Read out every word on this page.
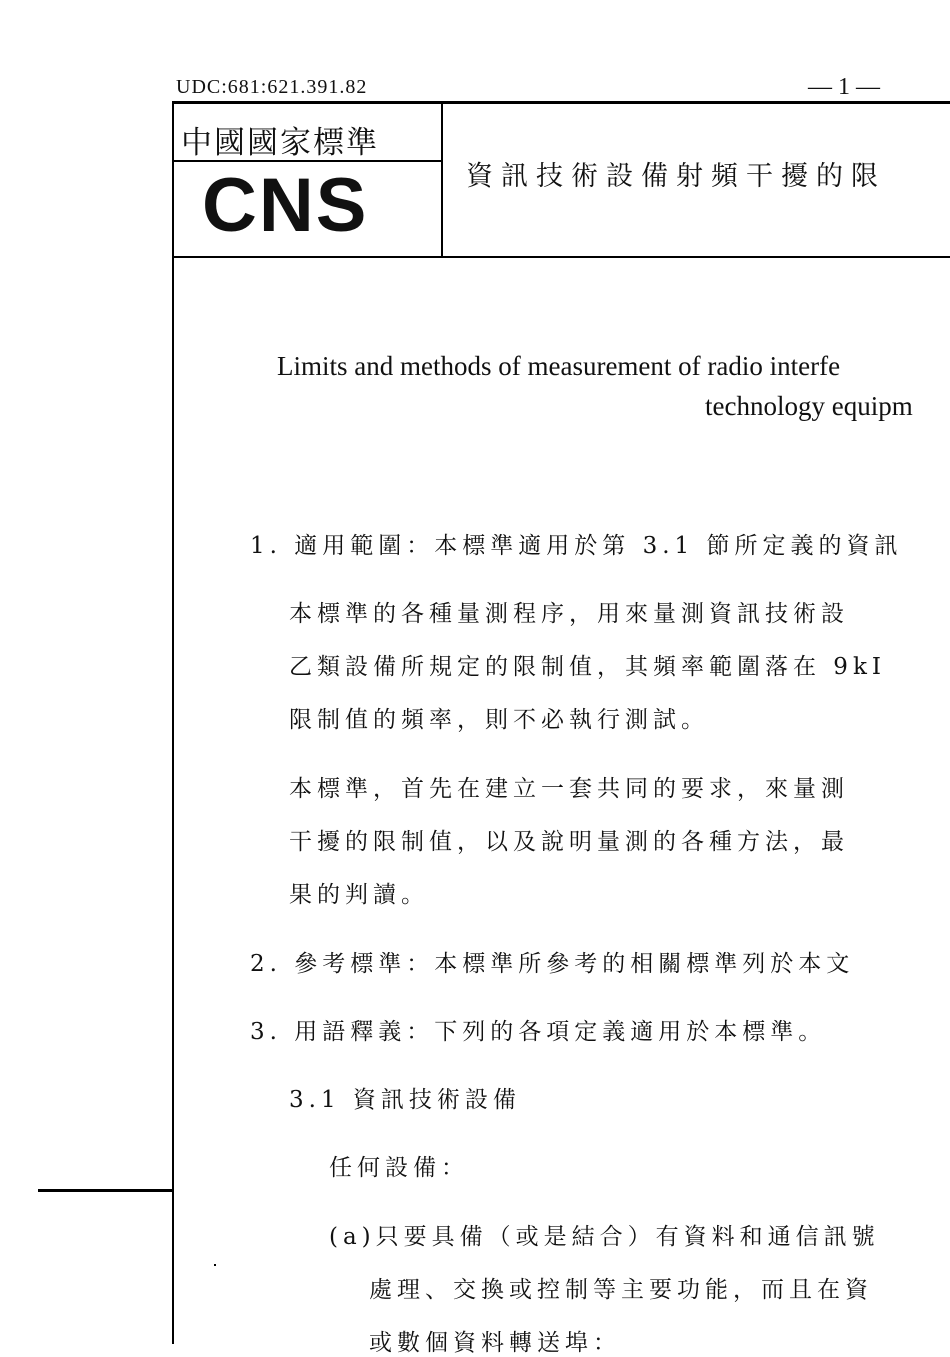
UDC:681:621.391.82	— 1 —
中國國家標準
CNS	資訊技術設備射頻干擾的限
Limits and methods of measurement of radio interfe
technology equipm
1. 適用範圍：本標準適用於第 3.1 節所定義的資訊
本標準的各種量測程序，用來量測資訊技術設
乙類設備所規定的限制值，其頻率範圍落在 9kI
限制值的頻率，則不必執行測試。
本標準，首先在建立一套共同的要求，來量測
干擾的限制值，以及說明量測的各種方法，最
果的判讀。
2. 參考標準：本標準所參考的相關標準列於本文
3. 用語釋義：下列的各項定義適用於本標準。
3.1 資訊技術設備
任何設備：
(a)只要具備（或是結合）有資料和通信訊號
處理、交換或控制等主要功能，而且在資
或數個資料轉送埠：
